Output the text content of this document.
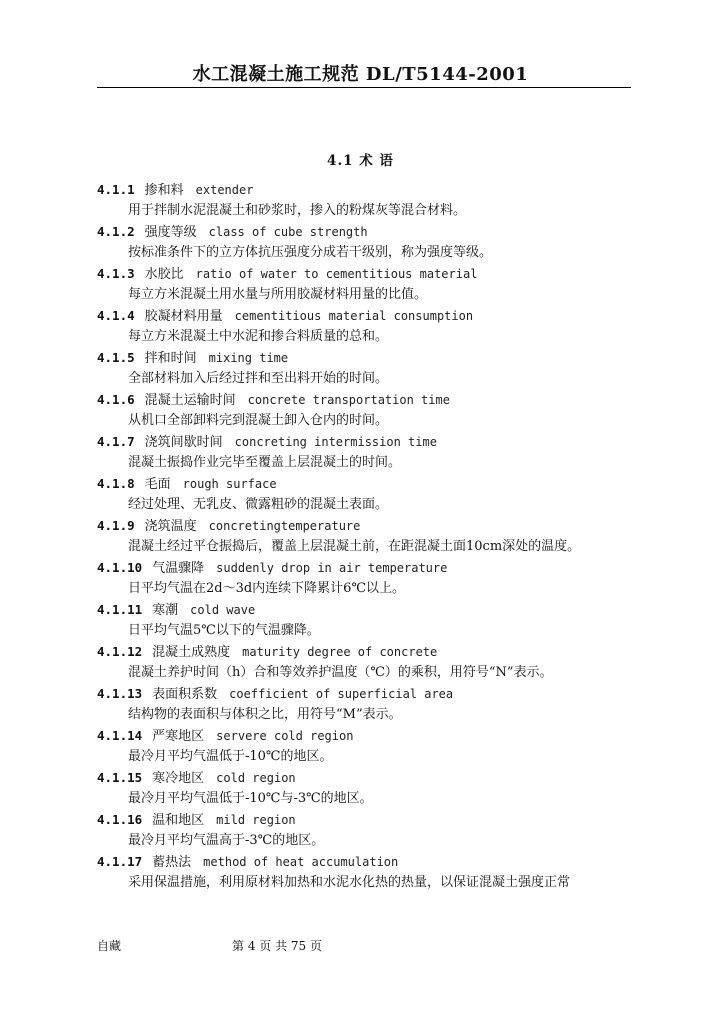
水工混凝土施工规范 DL/T5144-2001
4.1 术 语
4.1.1 掺和料 extender
用于拌制水泥混凝土和砂浆时，掺入的粉煤灰等混合材料。
4.1.2 强度等级 class of cube strength
按标准条件下的立方体抗压强度分成若干级别，称为强度等级。
4.1.3 水胶比 ratio of water to cementitious material
每立方米混凝土用水量与所用胶凝材料用量的比值。
4.1.4 胶凝材料用量 cementitious material consumption
每立方米混凝土中水泥和掺合料质量的总和。
4.1.5 拌和时间 mixing time
全部材料加入后经过拌和至出料开始的时间。
4.1.6 混凝土运输时间 concrete transportation time
从机口全部卸料完到混凝土卸入仓内的时间。
4.1.7 浇筑间歇时间 concreting intermission time
混凝土振捣作业完毕至覆盖上层混凝土的时间。
4.1.8 毛面 rough surface
经过处理、无乳皮、微露粗砂的混凝土表面。
4.1.9 浇筑温度 concretingtemperature
混凝土经过平仓振捣后，覆盖上层混凝土前，在距混凝土面10cm深处的温度。
4.1.10 气温骤降 suddenly drop in air temperature
日平均气温在2d～3d内连续下降累计6℃以上。
4.1.11 寒潮 cold wave
日平均气温5℃以下的气温骤降。
4.1.12 混凝土成熟度 maturity degree of concrete
混凝土养护时间（h）合和等效养护温度（℃）的乘积，用符号“N”表示。
4.1.13 表面积系数 coefficient of superficial area
结构物的表面积与体积之比，用符号“M”表示。
4.1.14 严寒地区 servere cold region
最冷月平均气温低于-10℃的地区。
4.1.15 寒冷地区 cold region
最冷月平均气温低于-10℃与-3℃的地区。
4.1.16 温和地区 mild region
最冷月平均气温高于-3℃的地区。
4.1.17 蓄热法 method of heat accumulation
采用保温措施，利用原材料加热和水泥水化热的热量，以保证混凝土强度正常
自藏	第 4 页 共 75 页
